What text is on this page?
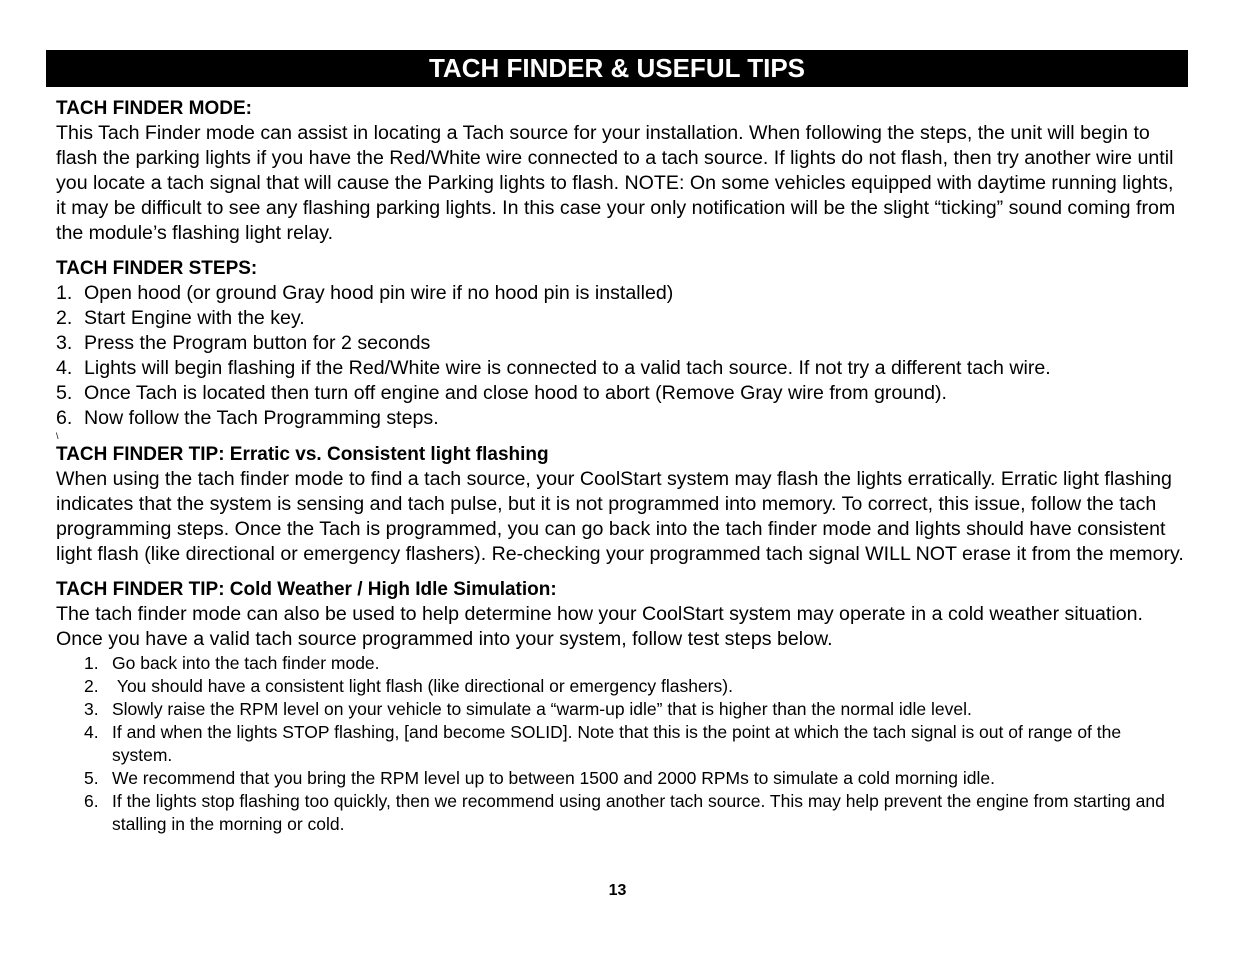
TACH FINDER & USEFUL TIPS

TACH FINDER MODE:

This Tach Finder mode can assist in locating a Tach source for your installation. When following the steps, the unit will begin to flash the parking lights if you have the Red/White wire connected to a tach source. If lights do not flash, then try another wire until you locate a tach signal that will cause the Parking lights to flash. NOTE: On some vehicles equipped with daytime running lights, it may be difficult to see any flashing parking lights. In this case your only notification will be the slight “ticking” sound coming from the module’s flashing light relay.

TACH FINDER STEPS:

1. Open hood (or ground Gray hood pin wire if no hood pin is installed)
2. Start Engine with the key.
3. Press the Program button for 2 seconds
4. Lights will begin flashing if the Red/White wire is connected to a valid tach source. If not try a different tach wire.
5. Once Tach is located then turn off engine and close hood to abort (Remove Gray wire from ground).
6. Now follow the Tach Programming steps.

\

TACH FINDER TIP: Erratic vs. Consistent light flashing

When using the tach finder mode to find a tach source, your CoolStart system may flash the lights erratically. Erratic light flashing indicates that the system is sensing and tach pulse, but it is not programmed into memory. To correct, this issue, follow the tach programming steps. Once the Tach is programmed, you can go back into the tach finder mode and lights should have consistent light flash (like directional or emergency flashers). Re-checking your programmed tach signal WILL NOT erase it from the memory.

TACH FINDER TIP: Cold Weather / High Idle Simulation:

The tach finder mode can also be used to help determine how your CoolStart system may operate in a cold weather situation. Once you have a valid tach source programmed into your system, follow test steps below.

1. Go back into the tach finder mode.
2. You should have a consistent light flash (like directional or emergency flashers).
3. Slowly raise the RPM level on your vehicle to simulate a “warm-up idle” that is higher than the normal idle level.
4. If and when the lights STOP flashing, [and become SOLID]. Note that this is the point at which the tach signal is out of range of the system.
5. We recommend that you bring the RPM level up to between 1500 and 2000 RPMs to simulate a cold morning idle.
6. If the lights stop flashing too quickly, then we recommend using another tach source. This may help prevent the engine from starting and stalling in the morning or cold.
13
